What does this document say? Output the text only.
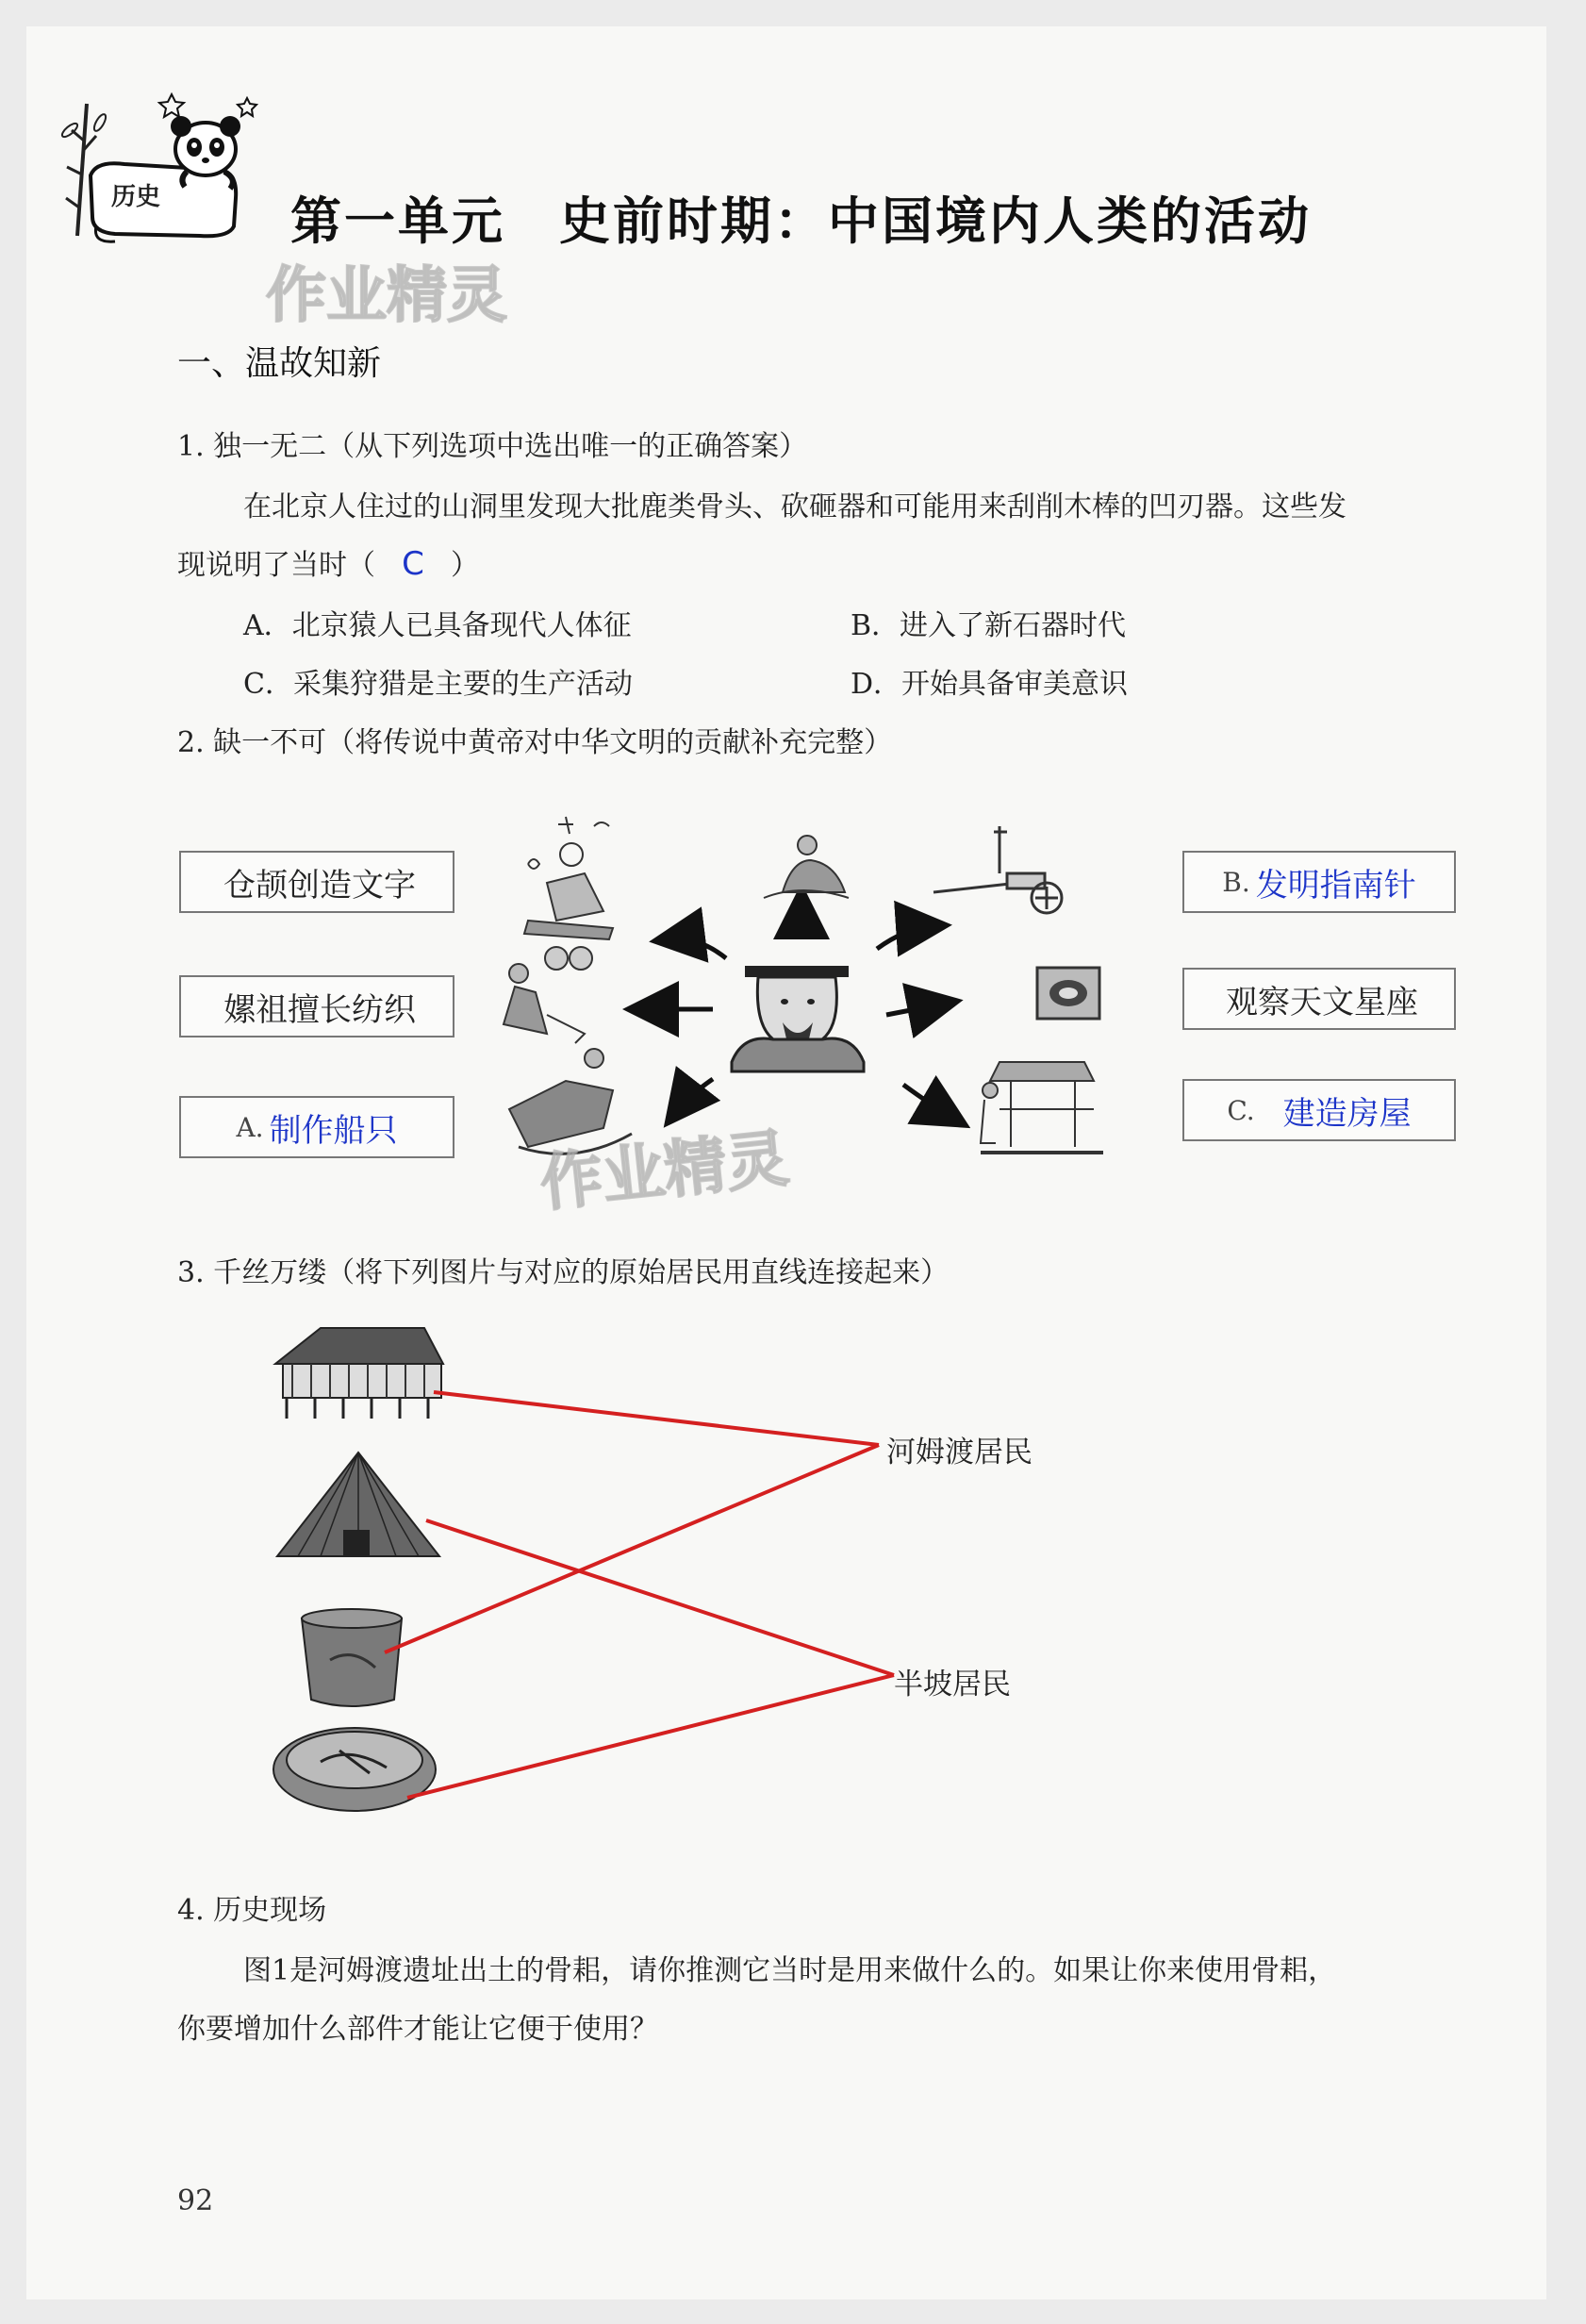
历史	第一单元　史前时期：中国境内人类的活动
作业精灵
一、温故知新
1. 独一无二（从下列选项中选出唯一的正确答案）
在北京人住过的山洞里发现大批鹿类骨头、砍砸器和可能用来刮削木棒的凹刃器。这些发
现说明了当时（ C ）
A．北京猿人已具备现代人体征	B．进入了新石器时代
C．采集狩猎是主要的生产活动	D．开始具备审美意识
2. 缺一不可（将传说中黄帝对中华文明的贡献补充完整）
仓颉创造文字
嫘祖擅长纺织
A. 制作船只
B. 发明指南针
观察天文星座
C. 建造房屋
作业精灵
3. 千丝万缕（将下列图片与对应的原始居民用直线连接起来）
河姆渡居民
半坡居民
4. 历史现场
图1是河姆渡遗址出土的骨耜，请你推测它当时是用来做什么的。如果让你来使用骨耜，
你要增加什么部件才能让它便于使用？
92
